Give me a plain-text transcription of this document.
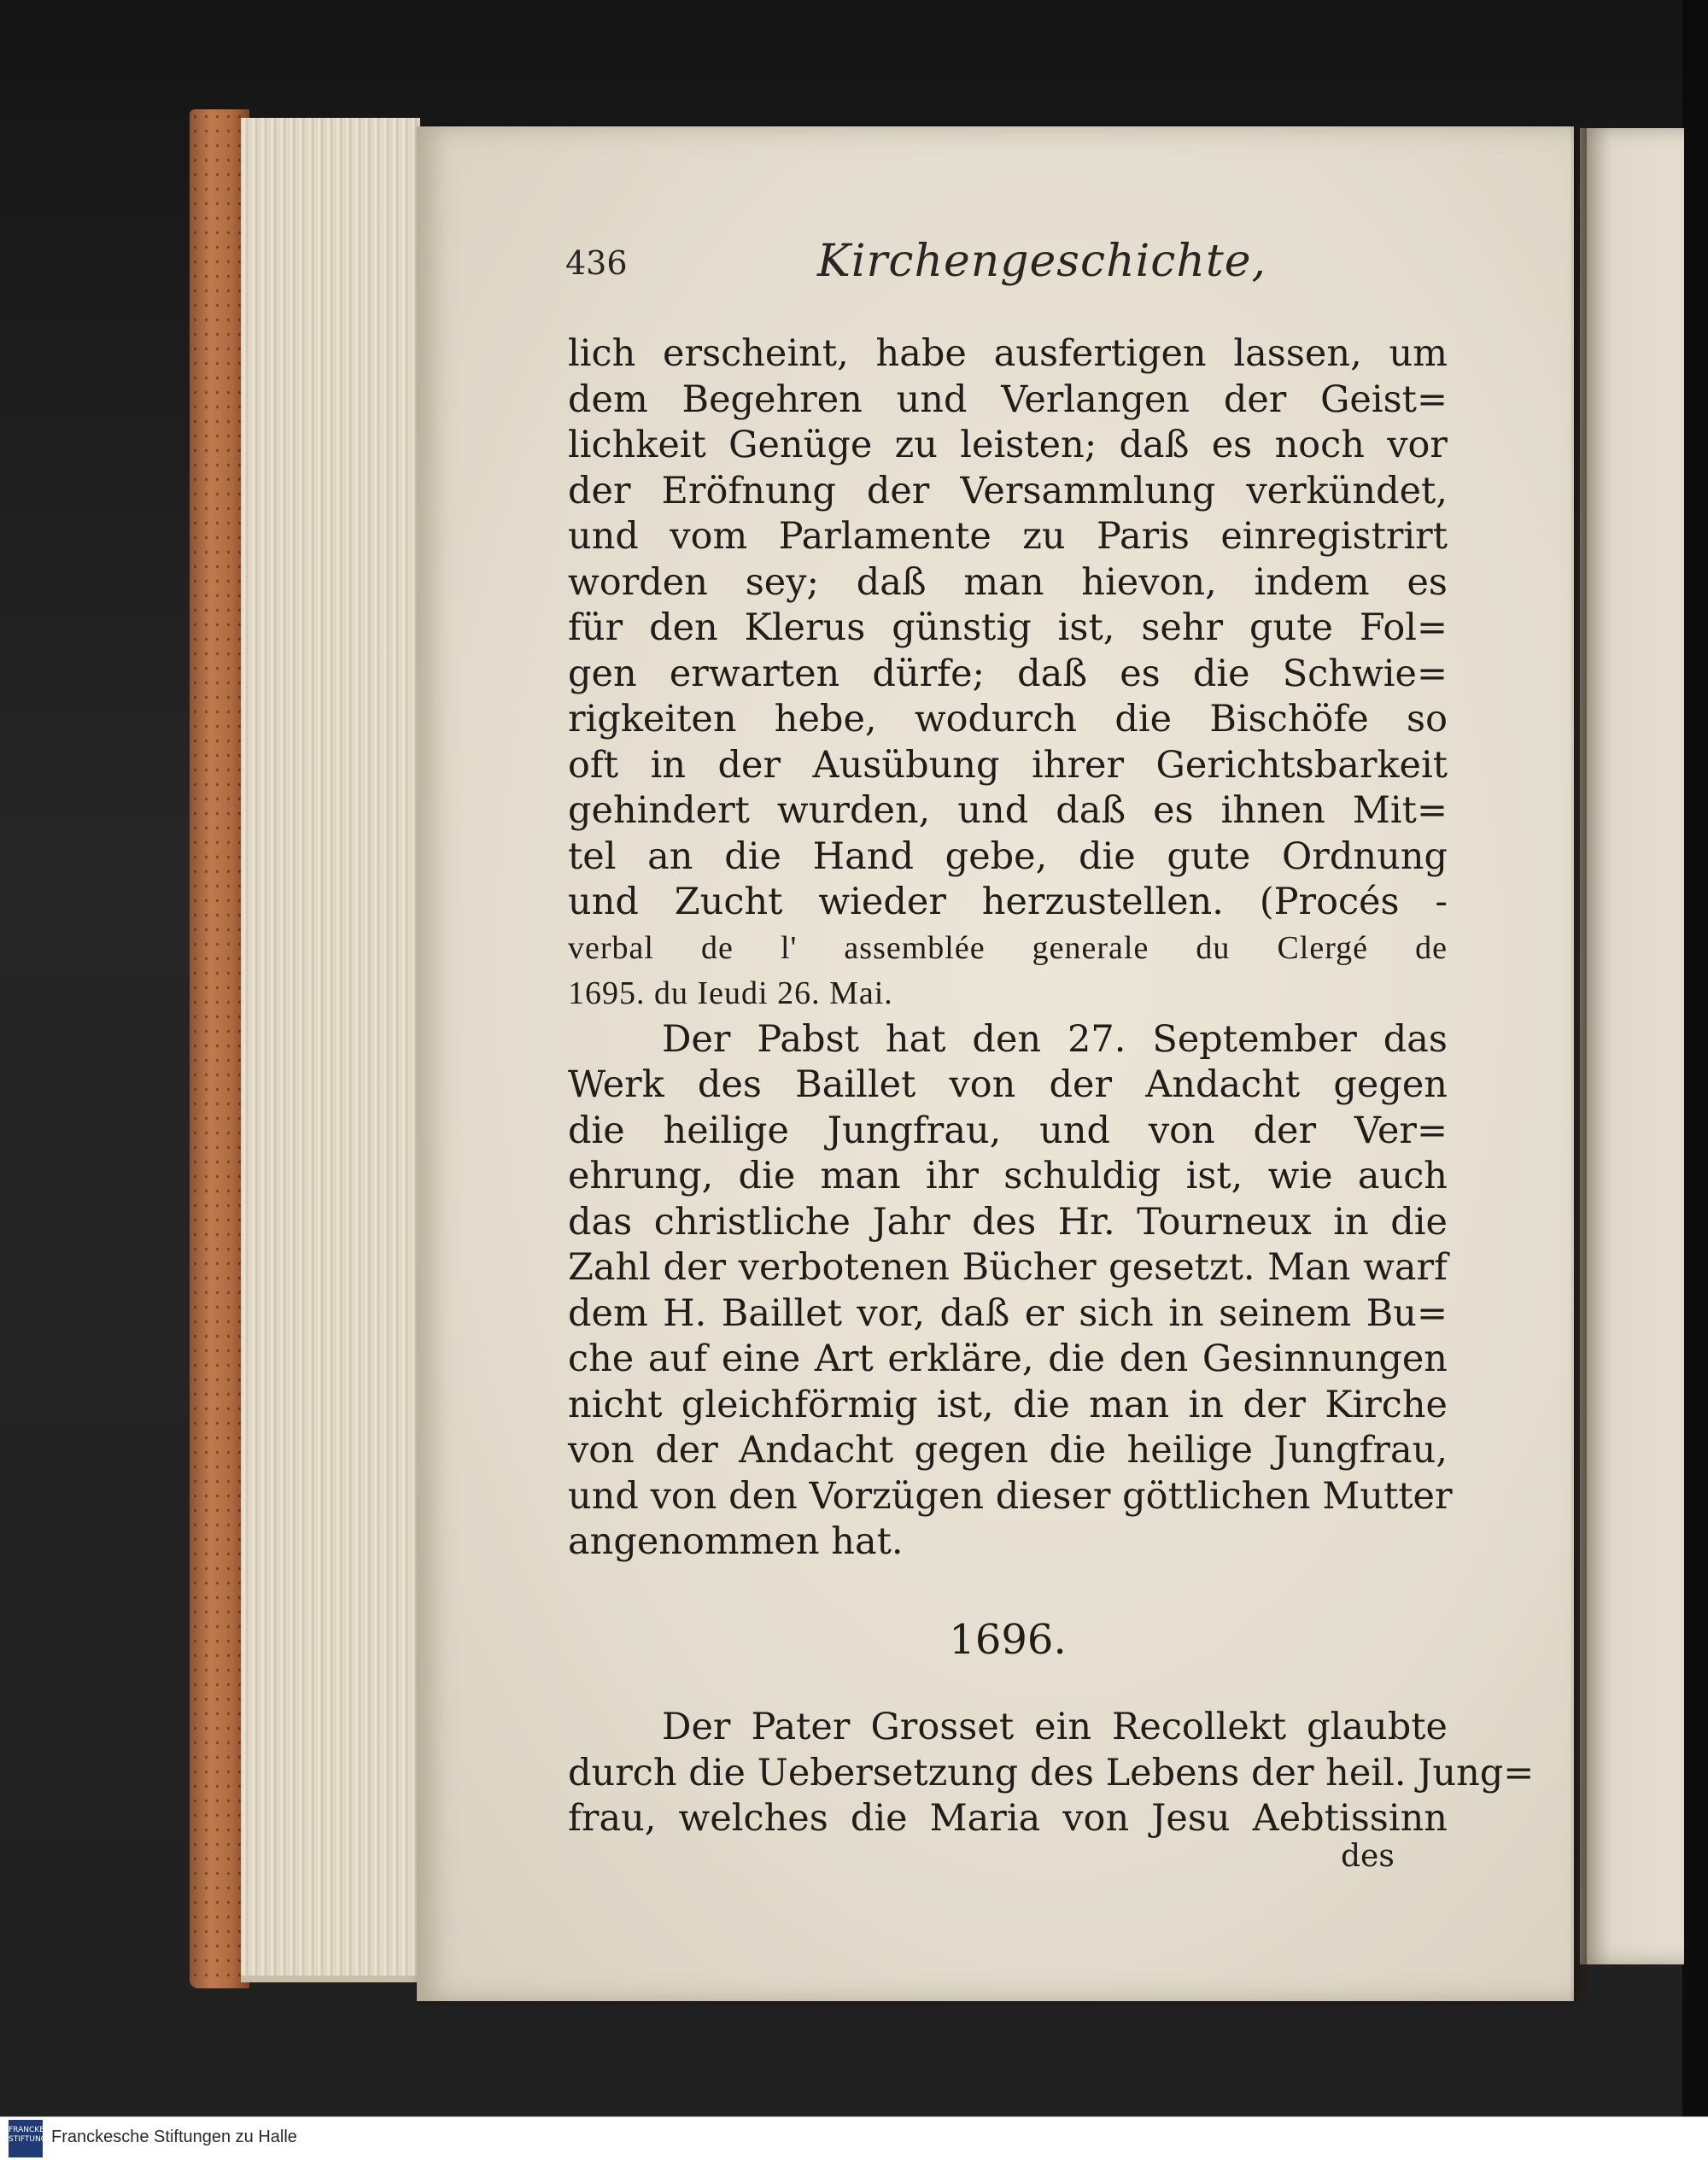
436	Kirchengeschichte,
lich erscheint, habe ausfertigen lassen, um
dem Begehren und Verlangen der Geist=
lichkeit Genüge zu leisten; daß es noch vor
der Eröfnung der Versammlung verkündet,
und vom Parlamente zu Paris einregistrirt
worden sey; daß man hievon, indem es
für den Klerus günstig ist, sehr gute Fol=
gen erwarten dürfe; daß es die Schwie=
rigkeiten hebe, wodurch die Bischöfe so
oft in der Ausübung ihrer Gerichtsbarkeit
gehindert wurden, und daß es ihnen Mit=
tel an die Hand gebe, die gute Ordnung
und Zucht wieder herzustellen. (Procés -
verbal de l' assemblée generale du Clergé de
1695. du Ieudi 26. Mai.
Der Pabst hat den 27. September das
Werk des Baillet von der Andacht gegen
die heilige Jungfrau, und von der Ver=
ehrung, die man ihr schuldig ist, wie auch
das christliche Jahr des Hr. Tourneux in die
Zahl der verbotenen Bücher gesetzt. Man warf
dem H. Baillet vor, daß er sich in seinem Bu=
che auf eine Art erkläre, die den Gesinnungen
nicht gleichförmig ist, die man in der Kirche
von der Andacht gegen die heilige Jungfrau,
und von den Vorzügen dieser göttlichen Mutter
angenommen hat.
1696.
Der Pater Grosset ein Recollekt glaubte
durch die Uebersetzung des Lebens der heil. Jung=
frau, welches die Maria von Jesu Aebtissinn
des
FRANCKESCHE STIFTUNGEN
Franckesche Stiftungen zu Halle
